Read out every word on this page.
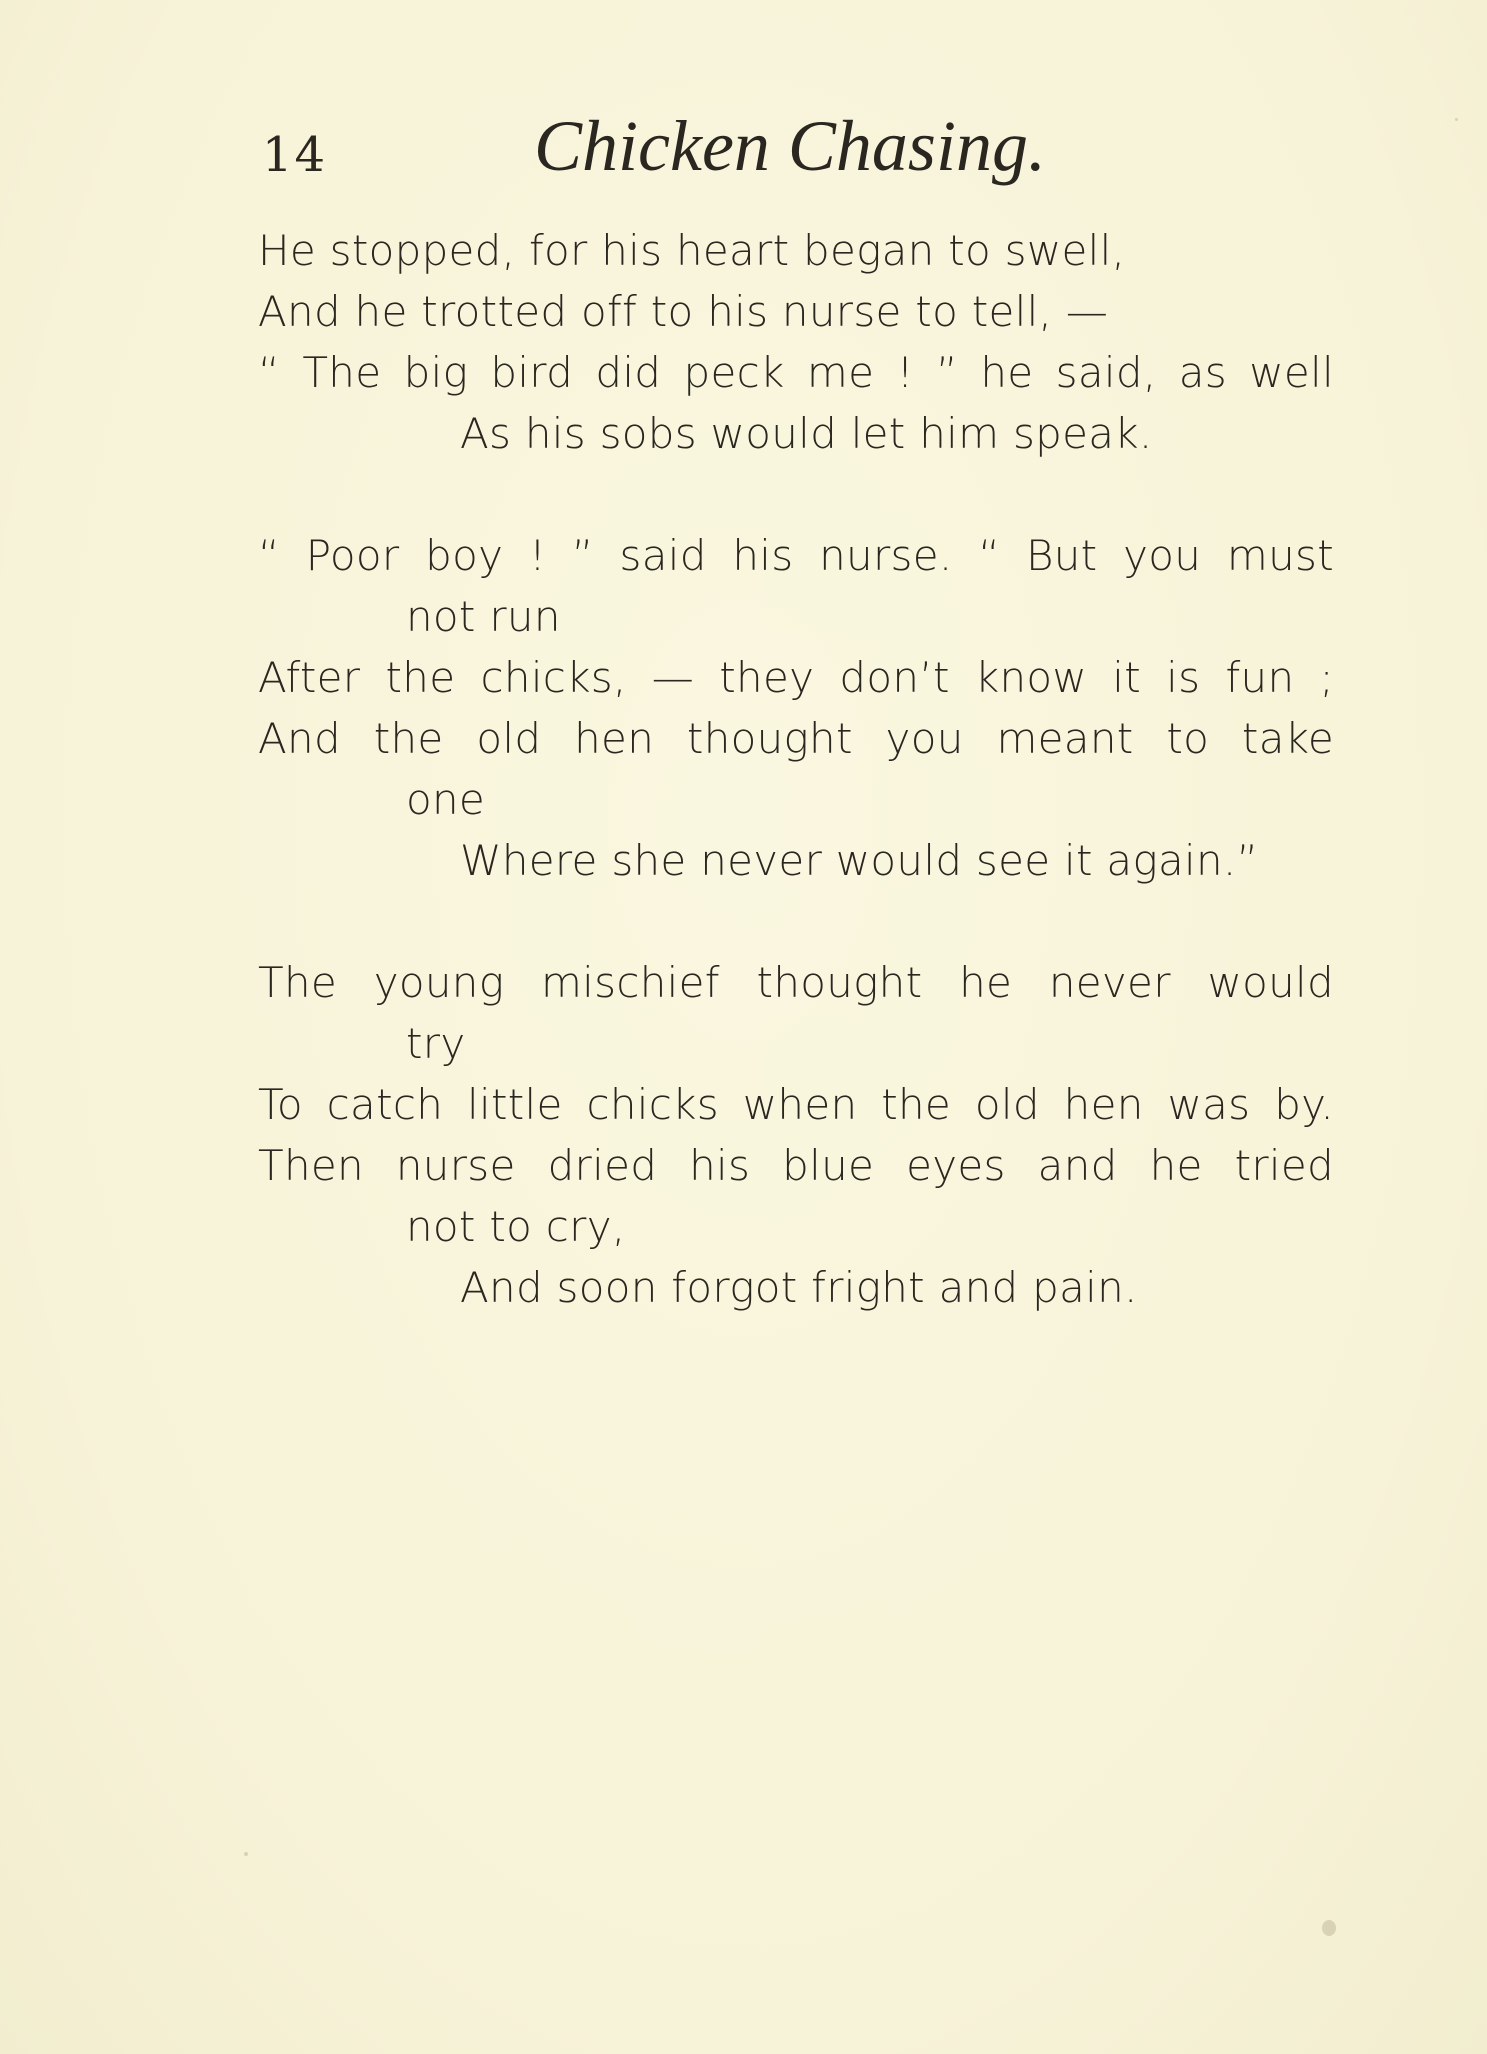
14	Chicken Chasing.
He stopped, for his heart began to swell,
And he trotted off to his nurse to tell, —
“ The big bird did peck me ! ” he said, as well
As his sobs would let him speak.
“ Poor boy ! ” said his nurse. “ But you must
not run
After the chicks, — they don’t know it is fun ;
And the old hen thought you meant to take
one
Where she never would see it again.”
The young mischief thought he never would
try
To catch little chicks when the old hen was by.
Then nurse dried his blue eyes and he tried
not to cry,
And soon forgot fright and pain.
